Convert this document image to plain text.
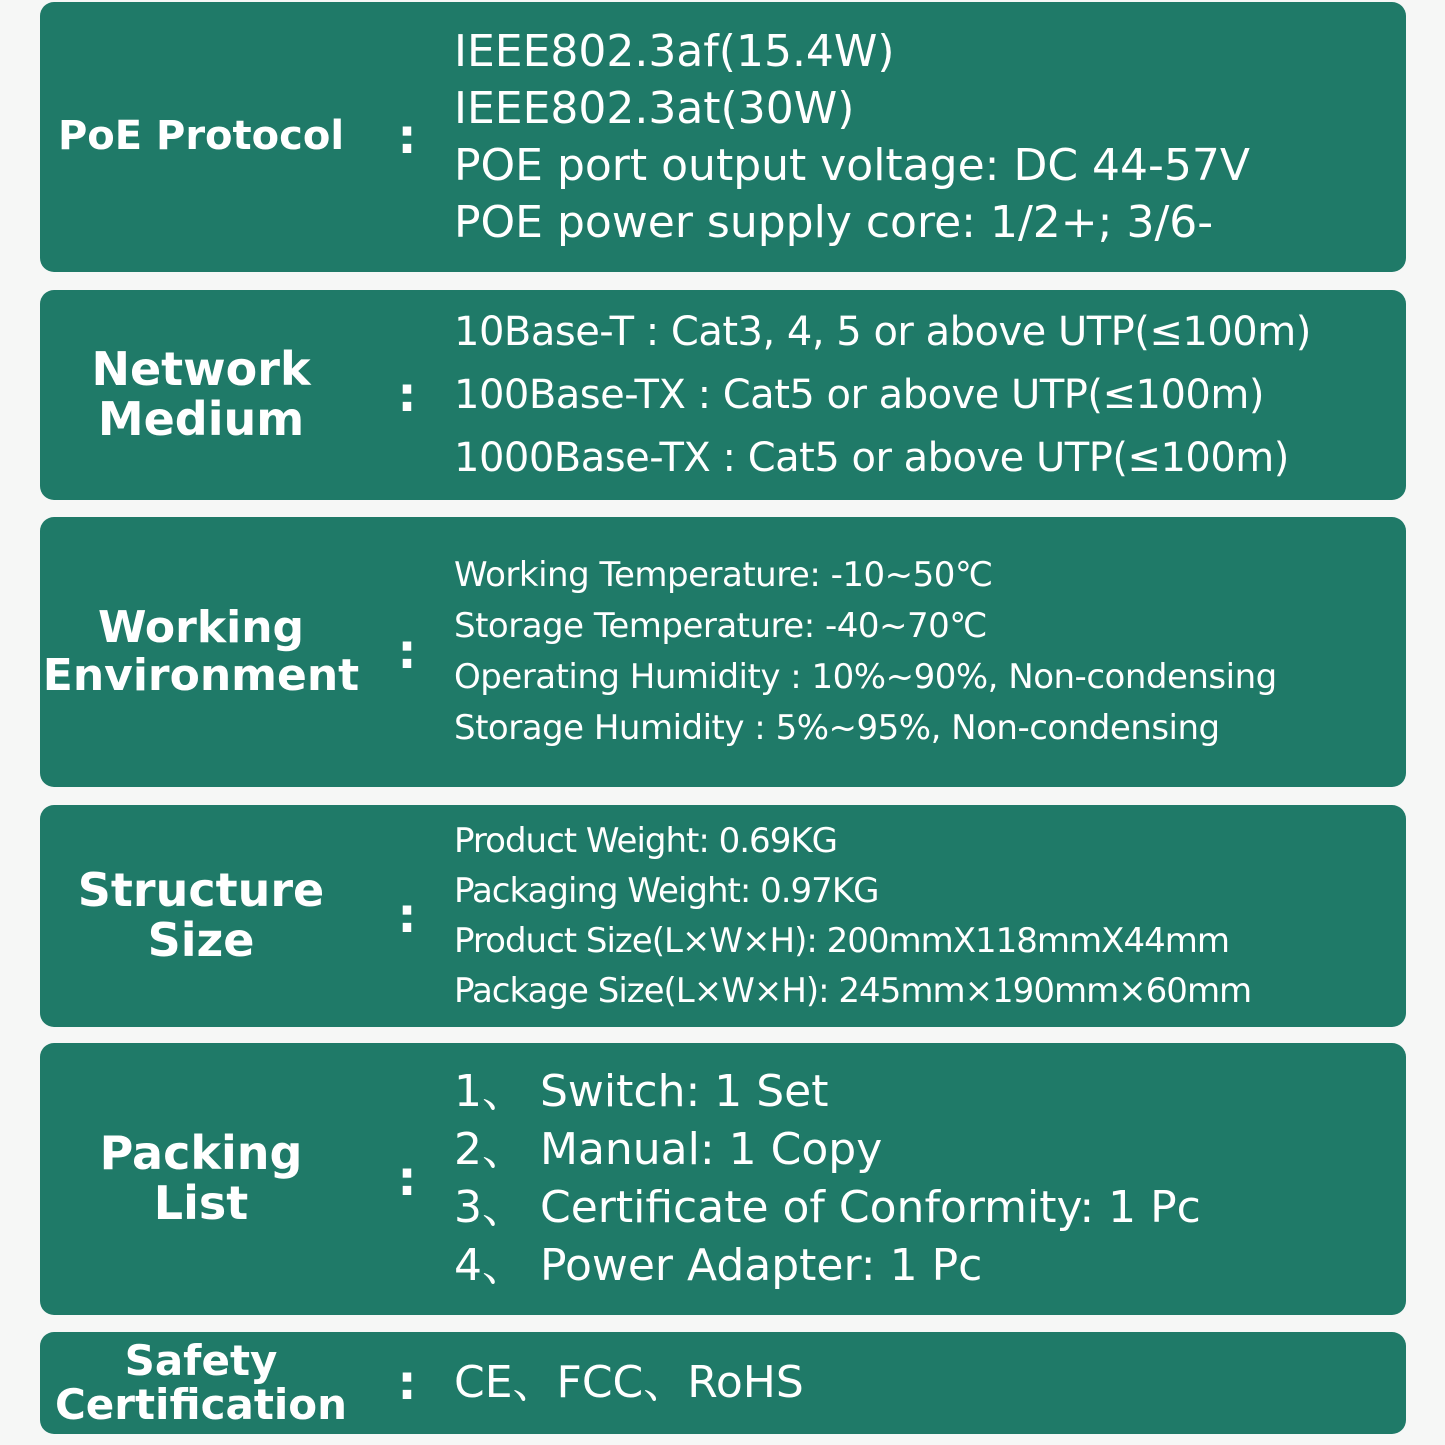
PoE Protocol :
IEEE802.3af(15.4W)
IEEE802.3at(30W)
POE port output voltage: DC 44-57V
POE power supply core: 1/2+; 3/6-
Network
Medium :
10Base-T : Cat3, 4, 5 or above UTP(≤100m)
100Base-TX : Cat5 or above UTP(≤100m)
1000Base-TX : Cat5 or above UTP(≤100m)
Working
Environment :
Working Temperature: -10~50℃
Storage Temperature: -40~70℃
Operating Humidity : 10%~90%, Non-condensing
Storage Humidity : 5%~95%, Non-condensing
Structure
Size	:
Product Weight: 0.69KG
Packaging Weight: 0.97KG
Product Size(L×W×H): 200mmX118mmX44mm
Package Size(L×W×H): 245mm×190mm×60mm
Packing
List	:
1、 Switch: 1 Set
2、 Manual: 1 Copy
3、 Certificate of Conformity: 1 Pc
4、 Power Adapter: 1 Pc
Safety
Certification : CE、FCC、RoHS
